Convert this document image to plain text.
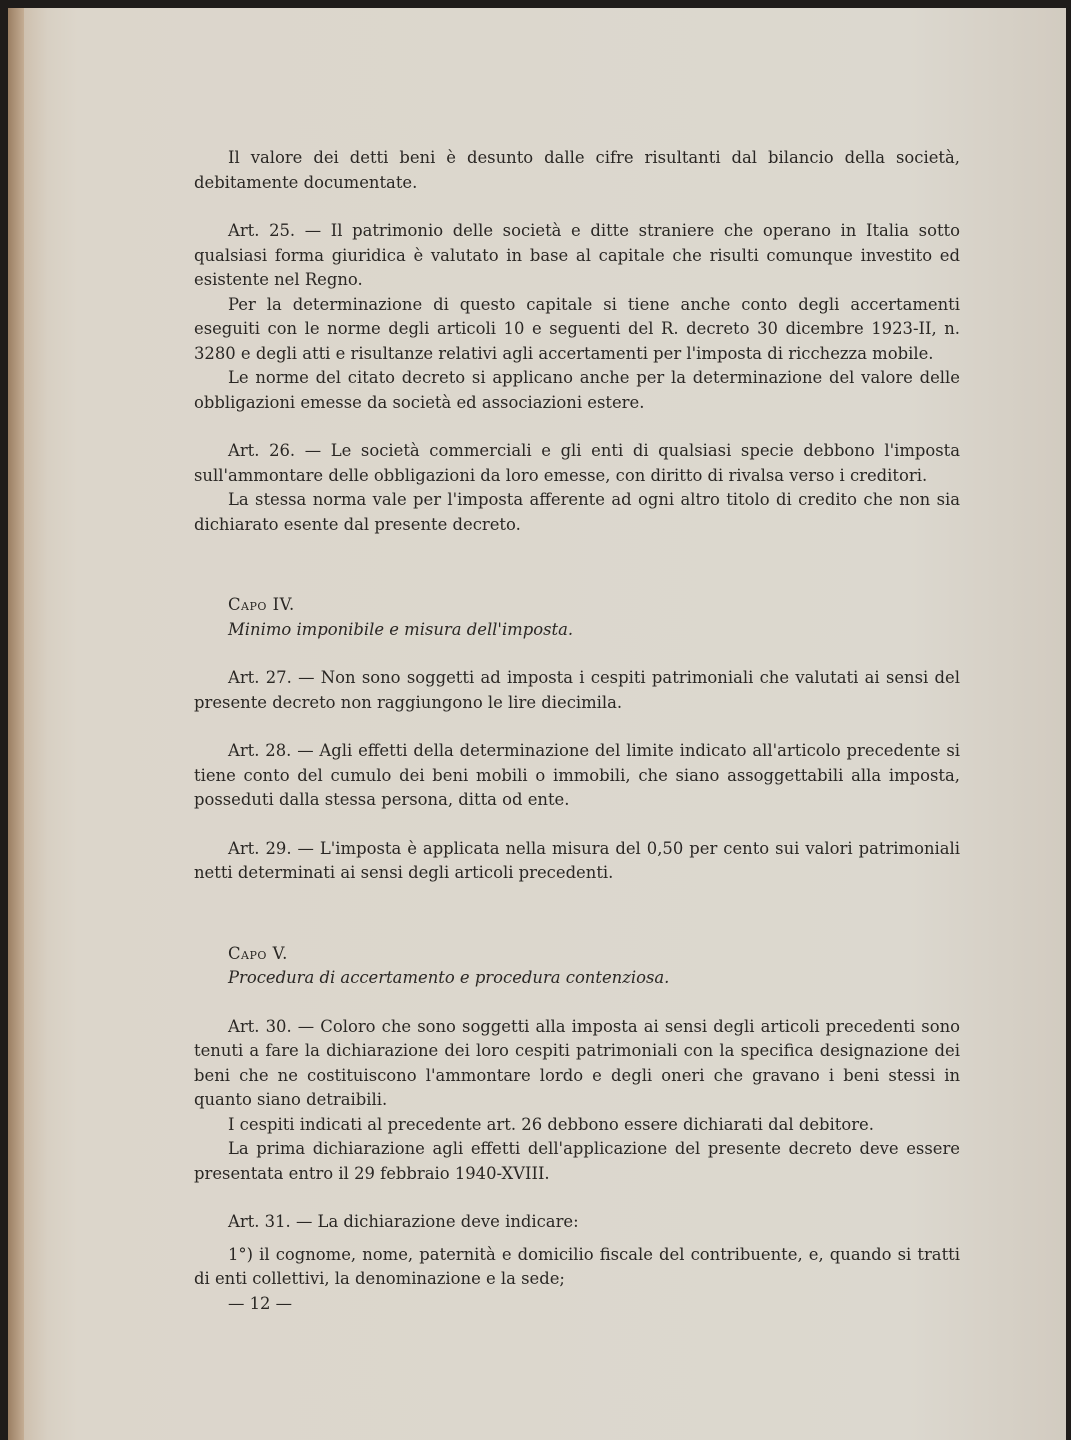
Il valore dei detti beni è desunto dalle cifre risultanti dal bilancio della società, debitamente documentate.

Art. 25. — Il patrimonio delle società e ditte straniere che operano in Italia sotto qualsiasi forma giuridica è valutato in base al capitale che risulti comunque investito ed esistente nel Regno.

Per la determinazione di questo capitale si tiene anche conto degli accertamenti eseguiti con le norme degli articoli 10 e seguenti del R. decreto 30 dicembre 1923-II, n. 3280 e degli atti e risultanze relativi agli accertamenti per l'imposta di ricchezza mobile.

Le norme del citato decreto si applicano anche per la determinazione del valore delle obbligazioni emesse da società ed associazioni estere.

Art. 26. — Le società commerciali e gli enti di qualsiasi specie debbono l'imposta sull'ammontare delle obbligazioni da loro emesse, con diritto di rivalsa verso i creditori.

La stessa norma vale per l'imposta afferente ad ogni altro titolo di credito che non sia dichiarato esente dal presente decreto.

Capo IV.

Minimo imponibile e misura dell'imposta.

Art. 27. — Non sono soggetti ad imposta i cespiti patrimoniali che valutati ai sensi del presente decreto non raggiungono le lire diecimila.

Art. 28. — Agli effetti della determinazione del limite indicato all'articolo precedente si tiene conto del cumulo dei beni mobili o immobili, che siano assoggettabili alla imposta, posseduti dalla stessa persona, ditta od ente.

Art. 29. — L'imposta è applicata nella misura del 0,50 per cento sui valori patrimoniali netti determinati ai sensi degli articoli precedenti.

Capo V.

Procedura di accertamento e procedura contenziosa.

Art. 30. — Coloro che sono soggetti alla imposta ai sensi degli articoli precedenti sono tenuti a fare la dichiarazione dei loro cespiti patrimoniali con la specifica designazione dei beni che ne costituiscono l'ammontare lordo e degli oneri che gravano i beni stessi in quanto siano detraibili.

I cespiti indicati al precedente art. 26 debbono essere dichiarati dal debitore.

La prima dichiarazione agli effetti dell'applicazione del presente decreto deve essere presentata entro il 29 febbraio 1940-XVIII.

Art. 31. — La dichiarazione deve indicare:

1°) il cognome, nome, paternità e domicilio fiscale del contribuente, e, quando si tratti di enti collettivi, la denominazione e la sede;

— 12 —
